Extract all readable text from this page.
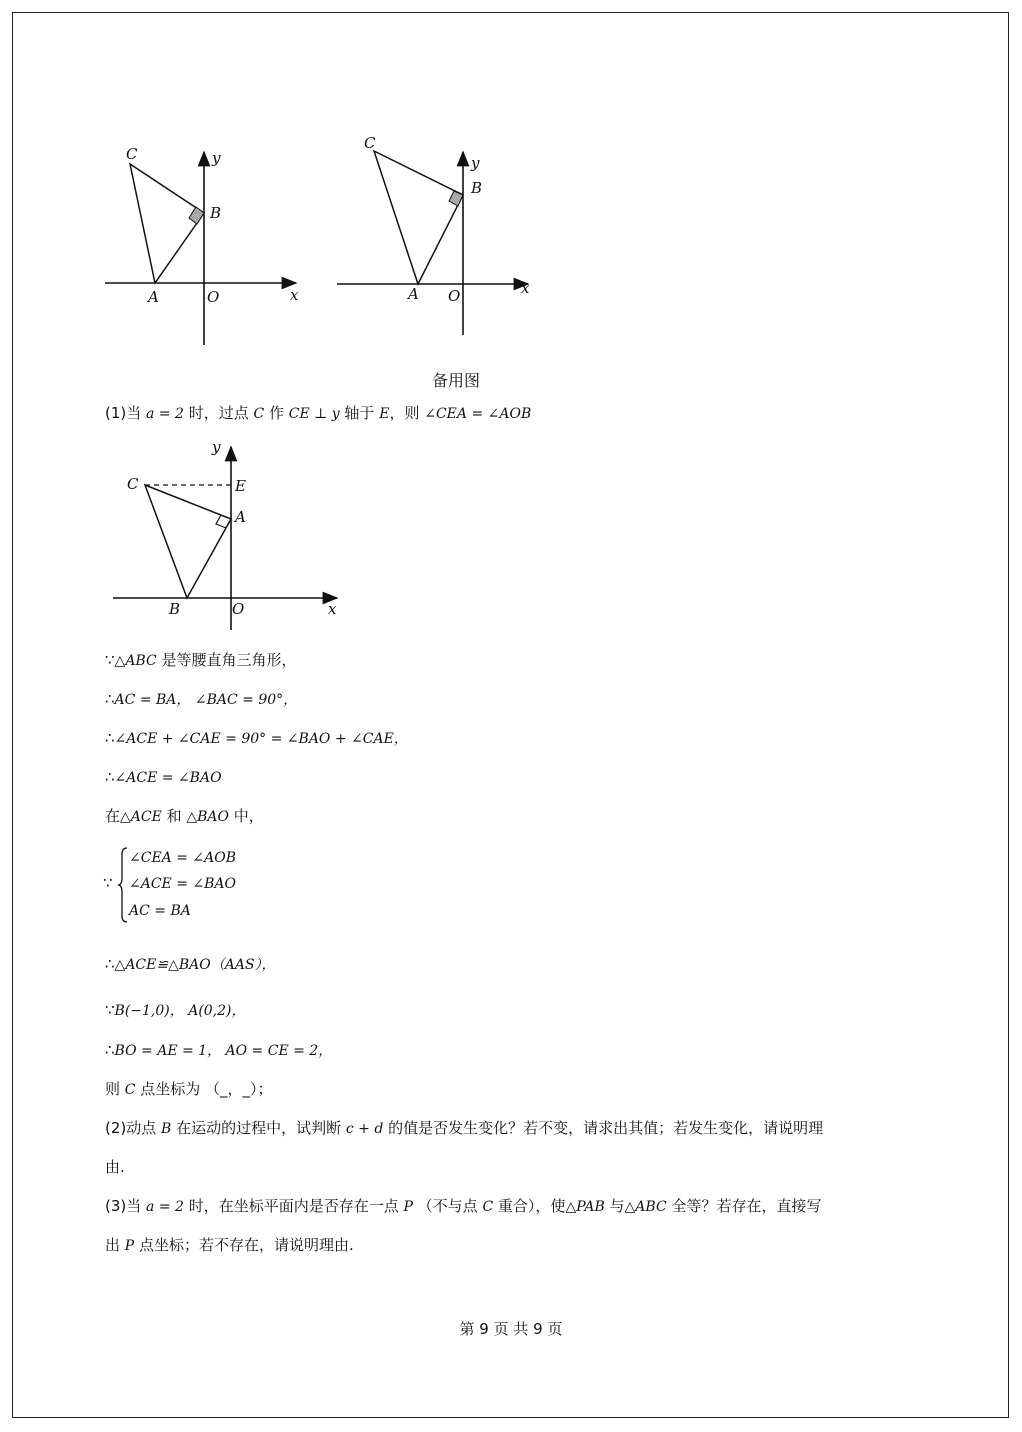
C
B
A	O	x
y
C
B
A O	x
y
备用图
(1)当 a = 2 时，过点 C 作 CE ⊥ y 轴于 E，则 ∠CEA = ∠AOB
C	E
A
B	O	x
y
∵△ABC 是等腰直角三角形，
∴AC = BA， ∠BAC = 90°，
∴∠ACE + ∠CAE = 90° = ∠BAO + ∠CAE，
∴∠ACE = ∠BAO
在△ACE 和 △BAO 中，
∵
∠CEA = ∠AOB
∠ACE = ∠BAO
AC = BA
∴△ACE≌△BAO（AAS），
∵B(−1,0)， A(0,2)，
∴BO = AE = 1， AO = CE = 2，
则 C 点坐标为 （_，_）；
(2)动点 B 在运动的过程中，试判断 c + d 的值是否发生变化？若不变，请求出其值；若发生变化，请说明理
由.
(3)当 a = 2 时，在坐标平面内是否存在一点 P （不与点 C 重合），使△PAB 与△ABC 全等？若存在，直接写
出 P 点坐标；若不存在，请说明理由.
第 9 页 共 9 页
